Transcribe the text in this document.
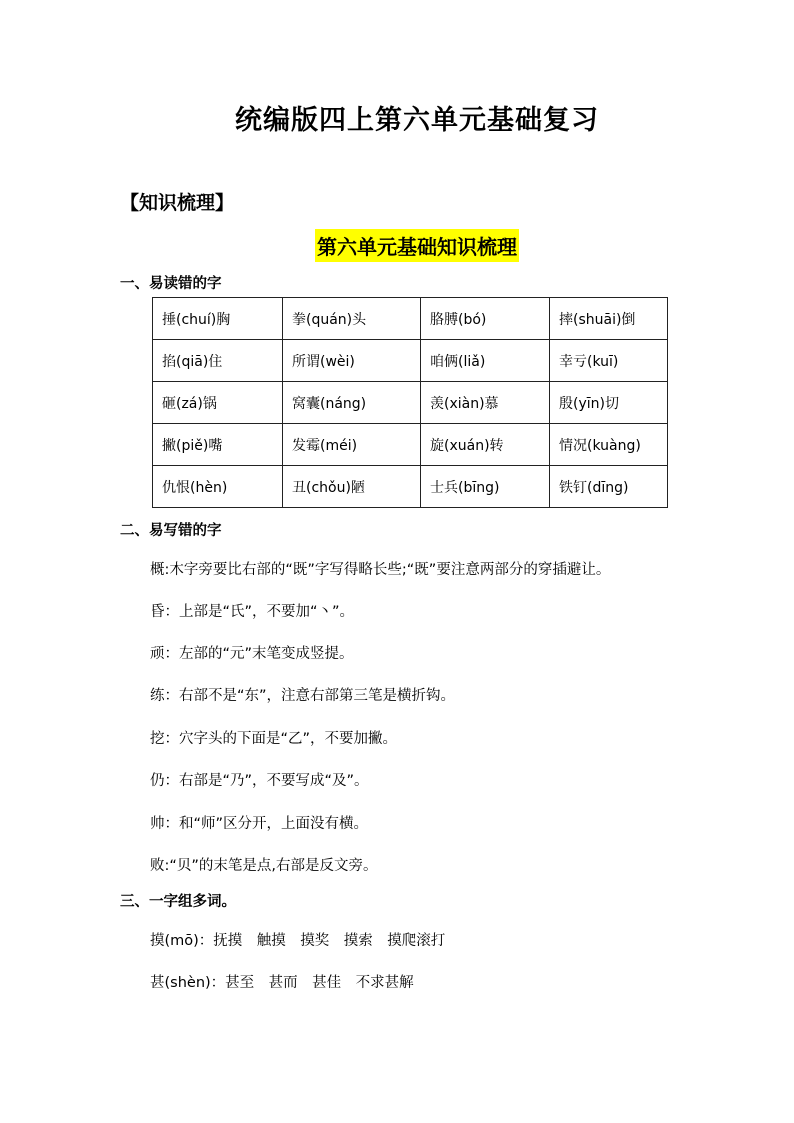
统编版四上第六单元基础复习
【知识梳理】
第六单元基础知识梳理
一、易读错的字
捶(chuí)胸	拳(quán)头	胳膊(bó)	摔(shuāi)倒
掐(qiā)住	所谓(wèi)	咱俩(liǎ)	幸亏(kuī)
砸(zá)锅	窝囊(náng)	羡(xiàn)慕	殷(yīn)切
撇(piě)嘴	发霉(méi)	旋(xuán)转	情况(kuàng)
仇恨(hèn)	丑(chǒu)陋	士兵(bīng)	铁钉(dīng)
二、易写错的字
概:木字旁要比右部的“既”字写得略长些;“既”要注意两部分的穿插避让。
昏：上部是“氏”，不要加“丶”。
顽：左部的“元”末笔变成竖提。
练：右部不是“东”，注意右部第三笔是横折钩。
挖：穴字头的下面是“乙”，不要加撇。
仍：右部是“乃”，不要写成“及”。
帅：和“师”区分开，上面没有横。
败:“贝”的末笔是点,右部是反文旁。
三、一字组多词。
摸(mō)：抚摸　触摸　摸奖　摸索　摸爬滚打
甚(shèn)：甚至　甚而　甚佳　不求甚解
